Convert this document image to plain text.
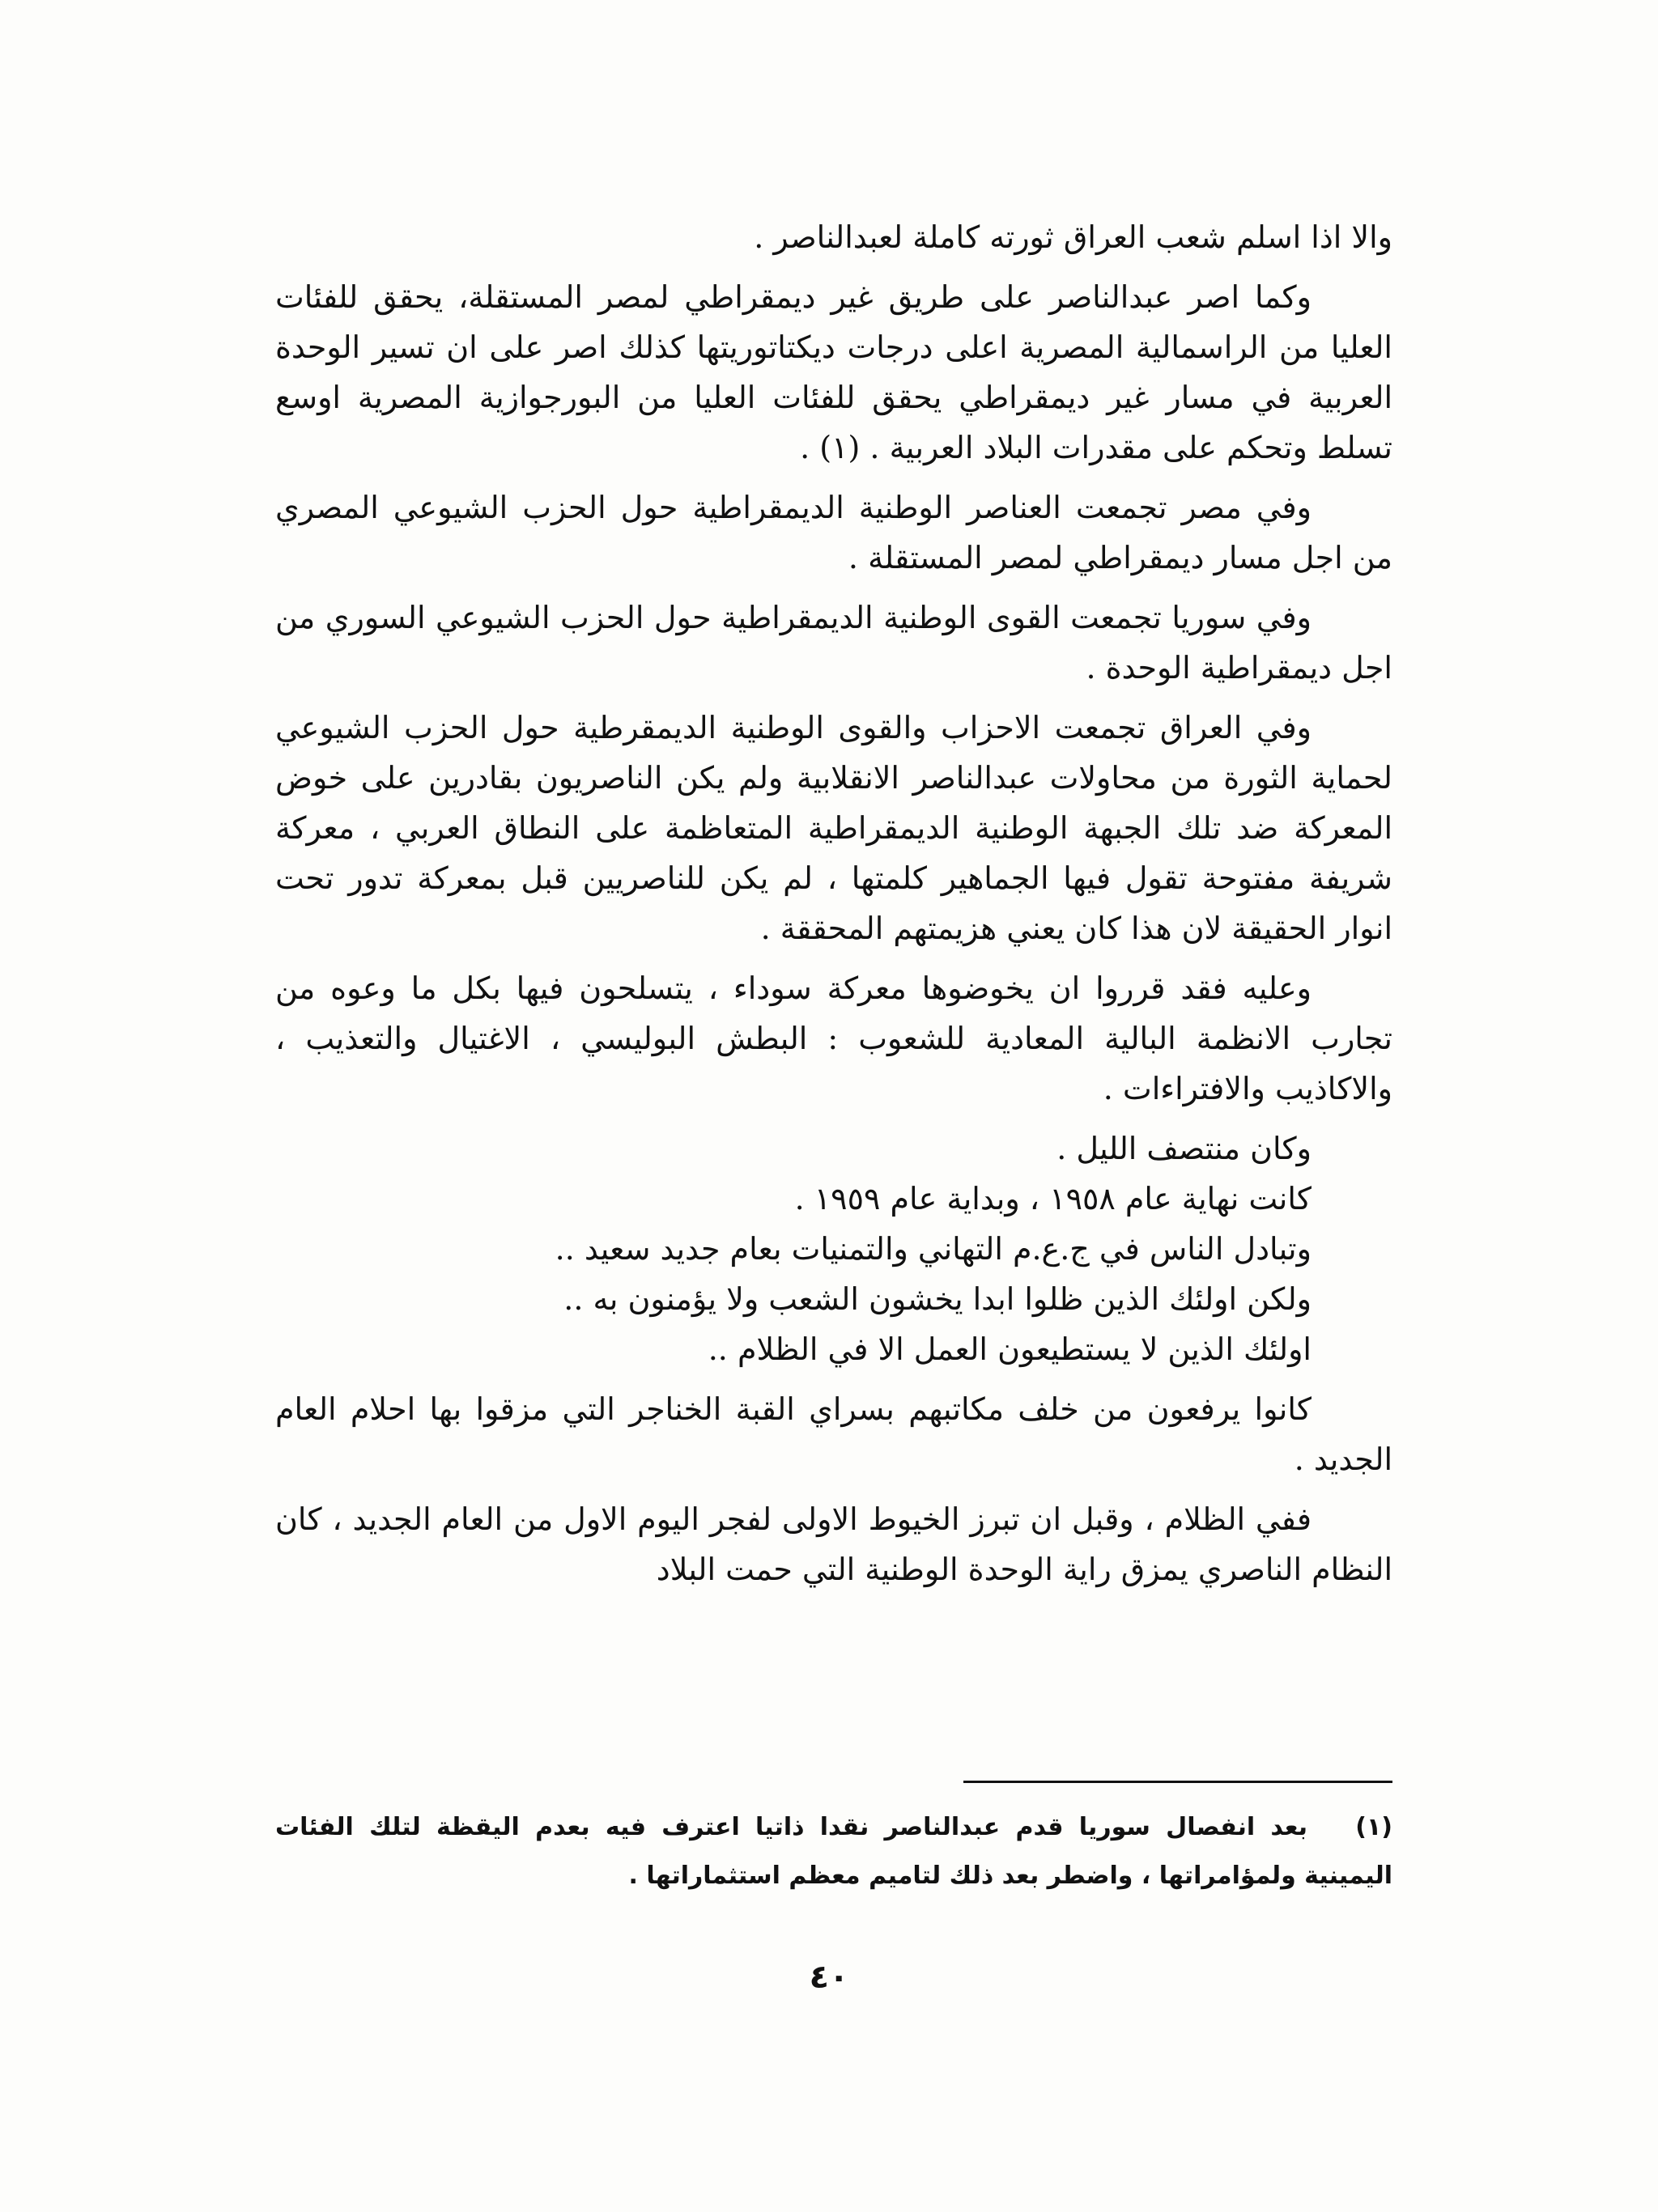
والا اذا اسلم شعب العراق ثورته كاملة لعبدالناصر .

وكما اصر عبدالناصر على طريق غير ديمقراطي لمصر المستقلة، يحقق للفئات العليا من الراسمالية المصرية اعلى درجات ديكتاتوريتها كذلك اصر على ان تسير الوحدة العربية في مسار غير ديمقراطي يحقق للفئات العليا من البورجوازية المصرية اوسع تسلط وتحكم على مقدرات البلاد العربية . (١) .

وفي مصر تجمعت العناصر الوطنية الديمقراطية حول الحزب الشيوعي المصري من اجل مسار ديمقراطي لمصر المستقلة .

وفي سوريا تجمعت القوى الوطنية الديمقراطية حول الحزب الشيوعي السوري من اجل ديمقراطية الوحدة .

وفي العراق تجمعت الاحزاب والقوى الوطنية الديمقرطية حول الحزب الشيوعي لحماية الثورة من محاولات عبدالناصر الانقلابية ولم يكن الناصريون بقادرين على خوض المعركة ضد تلك الجبهة الوطنية الديمقراطية المتعاظمة على النطاق العربي ، معركة شريفة مفتوحة تقول فيها الجماهير كلمتها ، لم يكن للناصريين قبل بمعركة تدور تحت انوار الحقيقة لان هذا كان يعني هزيمتهم المحققة .

وعليه فقد قرروا ان يخوضوها معركة سوداء ، يتسلحون فيها بكل ما وعوه من تجارب الانظمة البالية المعادية للشعوب : البطش البوليسي ، الاغتيال والتعذيب ، والاكاذيب والافتراءات .

وكان منتصف الليل .
كانت نهاية عام ١٩٥٨ ، وبداية عام ١٩٥٩ .
وتبادل الناس في ج.ع.م التهاني والتمنيات بعام جديد سعيد ..
ولكن اولئك الذين ظلوا ابدا يخشون الشعب ولا يؤمنون به ..
اولئك الذين لا يستطيعون العمل الا في الظلام ..

كانوا يرفعون من خلف مكاتبهم بسراي القبة الخناجر التي مزقوا بها احلام العام الجديد .

ففي الظلام ، وقبل ان تبرز الخيوط الاولى لفجر اليوم الاول من العام الجديد ، كان النظام الناصري يمزق راية الوحدة الوطنية التي حمت البلاد

(١) بعد انفصال سوريا قدم عبدالناصر نقدا ذاتيا اعترف فيه بعدم اليقظة لتلك الفئات اليمينية ولمؤامراتها ، واضطر بعد ذلك لتاميم معظم استثماراتها .
٤٠
